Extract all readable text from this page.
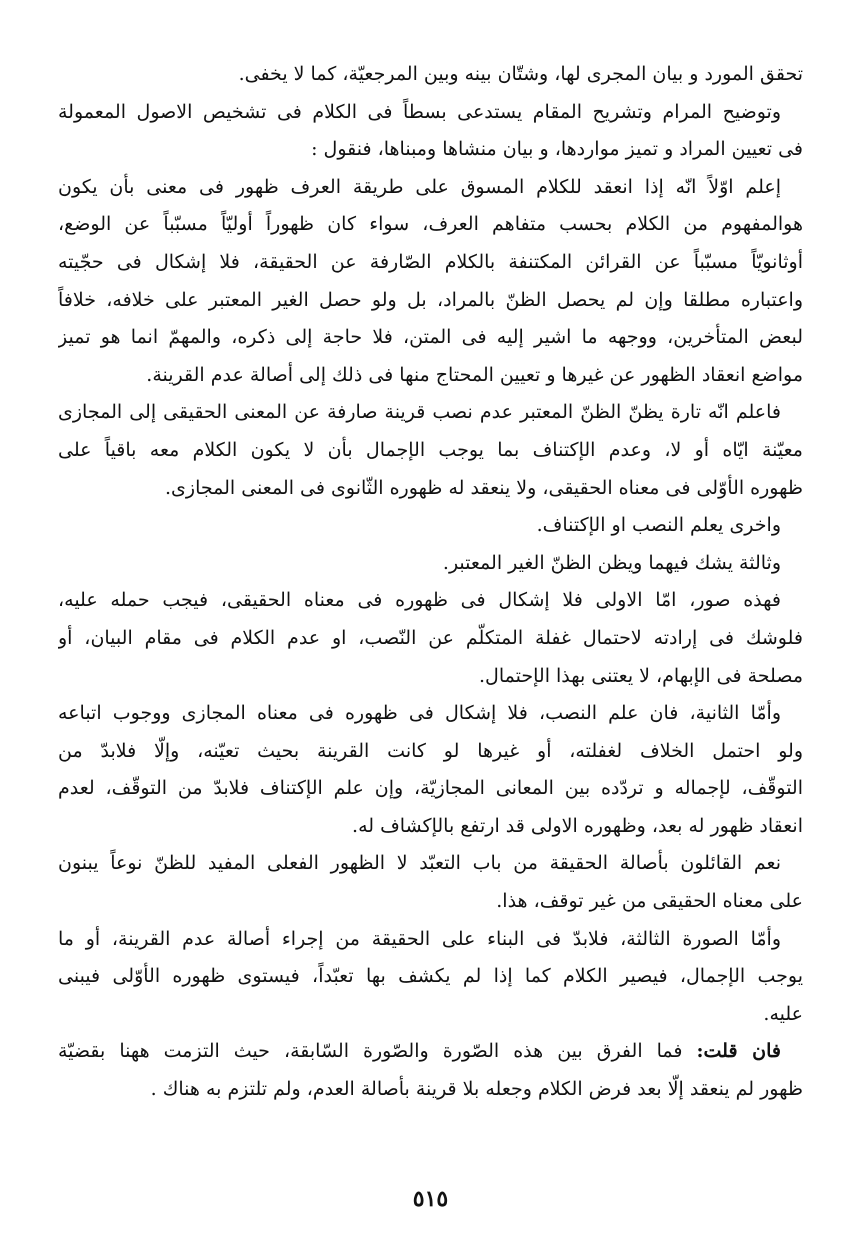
تحقق المورد و بيان المجرى لها، وشتّان بينه وبين المرجعيّة، كما لا يخفى.
وتوضيح المرام وتشريح المقام يستدعى بسطاً فى الكلام فى تشخيص الاصول المعمولة
فى تعيين المراد و تميز مواردها، و بيان منشاها ومبناها، فنقول :
إعلم اوّلاً انّه إذا انعقد للكلام المسوق على طريقة العرف ظهور فى معنى بأن يكون
هوالمفهوم من الكلام بحسب متفاهم العرف، سواء كان ظهوراً أوليّاً مسبّباً عن الوضع،
أوثانويّاً مسبّباً عن القرائن المكتنفة بالكلام الصّارفة عن الحقيقة، فلا إشكال فى حجّيته
واعتباره مطلقا وإن لم يحصل الظنّ بالمراد، بل ولو حصل الغير المعتبر على خلافه، خلافاً
لبعض المتأخرين، ووجهه ما اشير إليه فى المتن، فلا حاجة إلى ذكره، والمهمّ انما هو تميز
مواضع انعقاد الظهور عن غيرها و تعيين المحتاج منها فى ذلك إلى أصالة عدم القرينة.
فاعلم انّه تارة يظنّ الظنّ المعتبر عدم نصب قرينة صارفة عن المعنى الحقيقى إلى المجازى
معيّنة ايّاه أو لا، وعدم الإكتناف بما يوجب الإجمال بأن لا يكون الكلام معه باقياً على
ظهوره الأوّلى فى معناه الحقيقى، ولا ينعقد له ظهوره الثّانوى فى المعنى المجازى.
واخرى يعلم النصب او الإكتناف.
وثالثة يشك فيهما ويظن الظنّ الغير المعتبر.
فهذه صور، امّا الاولى فلا إشكال فى ظهوره فى معناه الحقيقى، فيجب حمله عليه،
فلوشك فى إرادته لاحتمال غفلة المتكلّم عن النّصب، او عدم الكلام فى مقام البيان، أو
مصلحة فى الإبهام، لا يعتنى بهذا الإحتمال.
وأمّا الثانية، فان علم النصب، فلا إشكال فى ظهوره فى معناه المجازى ووجوب اتباعه
ولو احتمل الخلاف لغفلته، أو غيرها لو كانت القرينة بحيث تعيّنه، وإلّا فلابدّ من
التوقّف، لإجماله و تردّده بين المعانى المجازيّة، وإن علم الإكتناف فلابدّ من التوقّف، لعدم
انعقاد ظهور له بعد، وظهوره الاولى قد ارتفع بالإكشاف له.
نعم القائلون بأصالة الحقيقة من باب التعبّد لا الظهور الفعلى المفيد للظنّ نوعاً يبنون
على معناه الحقيقى من غير توقف، هذا.
وأمّا الصورة الثالثة، فلابدّ فى البناء على الحقيقة من إجراء أصالة عدم القرينة، أو ما
يوجب الإجمال، فيصير الكلام كما إذا لم يكشف بها تعبّداً، فيستوى ظهوره الأوّلى فيبنى
عليه.
فان قلت: فما الفرق بين هذه الصّورة والصّورة السّابقة، حيث التزمت ههنا بقضيّة
ظهور لم ينعقد إلّا بعد فرض الكلام وجعله بلا قرينة بأصالة العدم، ولم تلتزم به هناك .
٥١٥
